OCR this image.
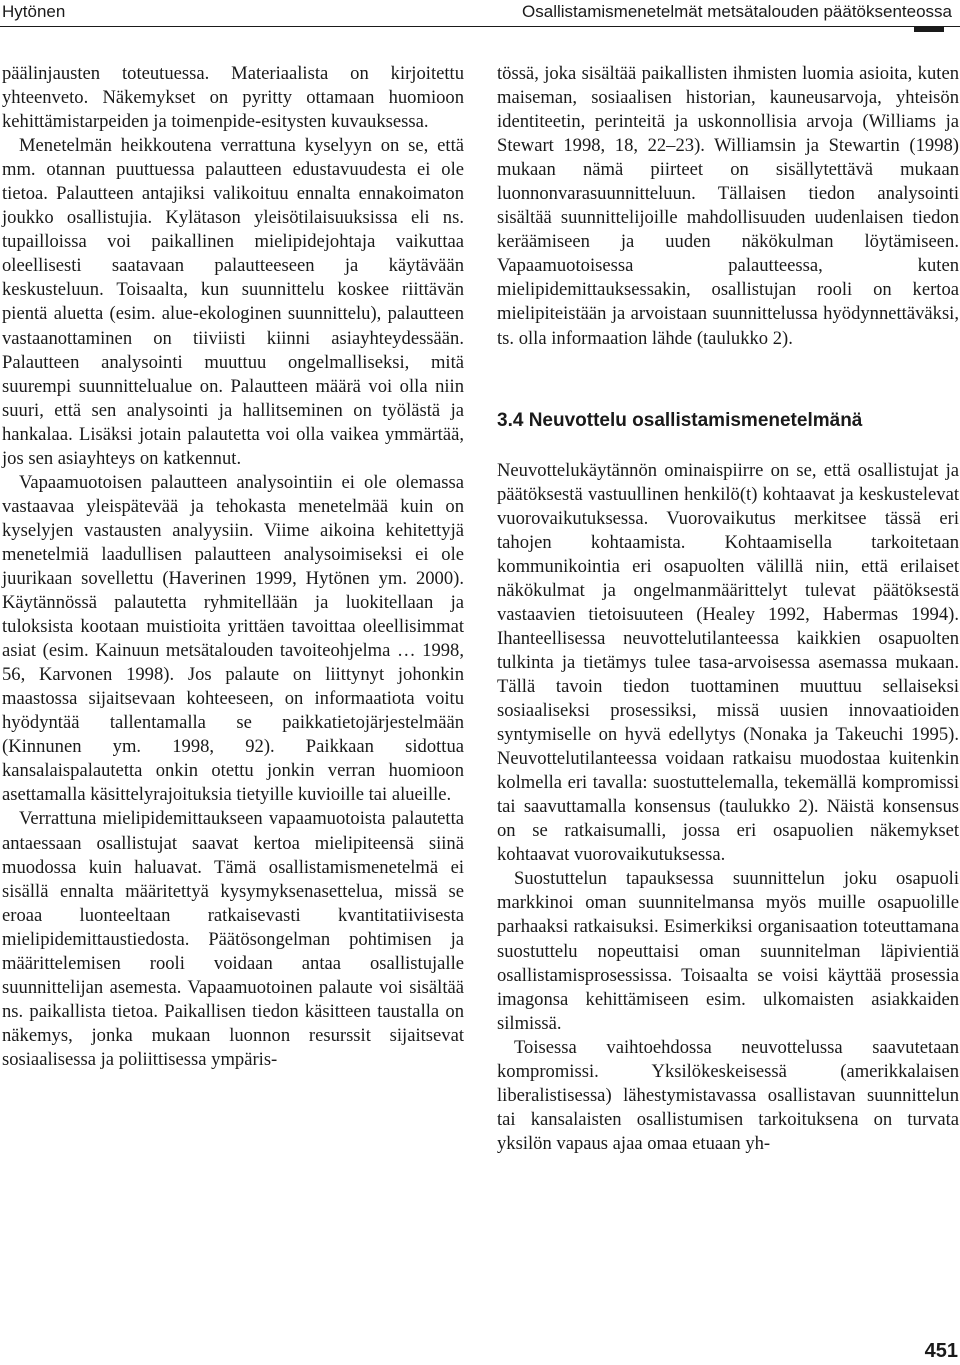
Hytönen	Osallistamismenetelmät metsätalouden päätöksenteossa

päälinjausten toteutuessa. Materiaalista on kirjoitettu yhteenveto. Näkemykset on pyritty ottamaan huomioon kehittämistarpeiden ja toimenpide-esitysten kuvauksessa.

Menetelmän heikkoutena verrattuna kyselyyn on se, että mm. otannan puuttuessa palautteen edustavuudesta ei ole tietoa. Palautteen antajiksi valikoituu ennalta ennakoimaton joukko osallistujia. Kylätason yleisötilaisuuksissa eli ns. tupailloissa voi paikallinen mielipidejohtaja vaikuttaa oleellisesti saatavaan palautteeseen ja käytävään keskusteluun. Toisaalta, kun suunnittelu koskee riittävän pientä aluetta (esim. alue-ekologinen suunnittelu), palautteen vastaanottaminen on tiiviisti kiinni asiayhteydessään. Palautteen analysointi muuttuu ongelmalliseksi, mitä suurempi suunnittelualue on. Palautteen määrä voi olla niin suuri, että sen analysointi ja hallitseminen on työlästä ja hankalaa. Lisäksi jotain palautetta voi olla vaikea ymmärtää, jos sen asiayhteys on katkennut.

Vapaamuotoisen palautteen analysointiin ei ole olemassa vastaavaa yleispätevää ja tehokasta menetelmää kuin on kyselyjen vastausten analyysiin. Viime aikoina kehitettyjä menetelmiä laadullisen palautteen analysoimiseksi ei ole juurikaan sovellettu (Haverinen 1999, Hytönen ym. 2000). Käytännössä palautetta ryhmitellään ja luokitellaan ja tuloksista kootaan muistioita yrittäen tavoittaa oleellisimmat asiat (esim. Kainuun metsätalouden tavoiteohjelma … 1998, 56, Karvonen 1998). Jos palaute on liittynyt johonkin maastossa sijaitsevaan kohteeseen, on informaatiota voitu hyödyntää tallentamalla se paikkatietojärjestelmään (Kinnunen ym. 1998, 92). Paikkaan sidottua kansalaispalautetta onkin otettu jonkin verran huomioon asettamalla käsittelyrajoituksia tietyille kuvioille tai alueille.

Verrattuna mielipidemittaukseen vapaamuotoista palautetta antaessaan osallistujat saavat kertoa mielipiteensä siinä muodossa kuin haluavat. Tämä osallistamismenetelmä ei sisällä ennalta määritettyä kysymyksenasettelua, missä se eroaa luonteeltaan ratkaisevasti kvantitatiivisesta mielipidemittaustiedosta. Päätösongelman pohtimisen ja määrittelemisen rooli voidaan antaa osallistujalle suunnittelijan asemesta. Vapaamuotoinen palaute voi sisältää ns. paikallista tietoa. Paikallisen tiedon käsitteen taustalla on näkemys, jonka mukaan luonnon resurssit sijaitsevat sosiaalisessa ja poliittisessa ympäris-

tössä, joka sisältää paikallisten ihmisten luomia asioita, kuten maiseman, sosiaalisen historian, kauneusarvoja, yhteisön identiteetin, perinteitä ja uskonnollisia arvoja (Williams ja Stewart 1998, 18, 22–23). Williamsin ja Stewartin (1998) mukaan nämä piirteet on sisällytettävä mukaan luonnonvarasuunnitteluun. Tällaisen tiedon analysointi sisältää suunnittelijoille mahdollisuuden uudenlaisen tiedon keräämiseen ja uuden näkökulman löytämiseen. Vapaamuotoisessa palautteessa, kuten mielipidemittauksessakin, osallistujan rooli on kertoa mielipiteistään ja arvoistaan suunnittelussa hyödynnettäväksi, ts. olla informaation lähde (taulukko 2).

3.4 Neuvottelu osallistamismenetelmänä

Neuvottelukäytännön ominaispiirre on se, että osallistujat ja päätöksestä vastuullinen henkilö(t) kohtaavat ja keskustelevat vuorovaikutuksessa. Vuorovaikutus merkitsee tässä eri tahojen kohtaamista. Kohtaamisella tarkoitetaan kommunikointia eri osapuolten välillä niin, että erilaiset näkökulmat ja ongelmanmäärittelyt tulevat päätöksestä vastaavien tietoisuuteen (Healey 1992, Habermas 1994). Ihanteellisessa neuvottelutilanteessa kaikkien osapuolten tulkinta ja tietämys tulee tasa-arvoisessa asemassa mukaan. Tällä tavoin tiedon tuottaminen muuttuu sellaiseksi sosiaaliseksi prosessiksi, missä uusien innovaatioiden syntymiselle on hyvä edellytys (Nonaka ja Takeuchi 1995). Neuvottelutilanteessa voidaan ratkaisu muodostaa kuitenkin kolmella eri tavalla: suostuttelemalla, tekemällä kompromissi tai saavuttamalla konsensus (taulukko 2). Näistä konsensus on se ratkaisumalli, jossa eri osapuolien näkemykset kohtaavat vuorovaikutuksessa.

Suostuttelun tapauksessa suunnittelun joku osapuoli markkinoi oman suunnitelmansa myös muille osapuolille parhaaksi ratkaisuksi. Esimerkiksi organisaation toteuttamana suostuttelu nopeuttaisi oman suunnitelman läpivientiä osallistamisprosessissa. Toisaalta se voisi käyttää prosessia imagonsa kehittämiseen esim. ulkomaisten asiakkaiden silmissä.

Toisessa vaihtoehdossa neuvottelussa saavutetaan kompromissi. Yksilökeskeisessä (amerikkalaisen liberalistisessa) lähestymistavassa osallistavan suunnittelun tai kansalaisten osallistumisen tarkoituksena on turvata yksilön vapaus ajaa omaa etuaan yh-

451
